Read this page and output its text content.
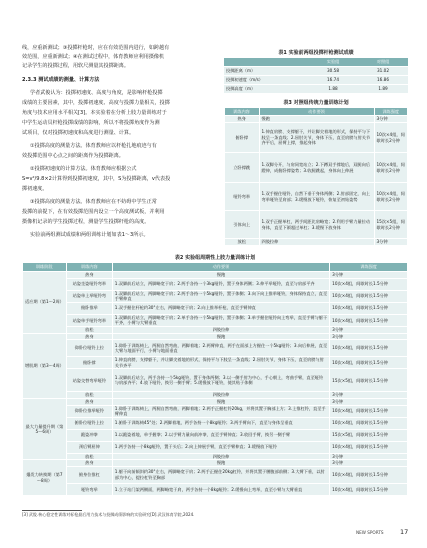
线，应重新测试；③投掷杆枪时，应在有效范围内进行，如跨越有

效范围，应重新测试；④在测试过程中，体育教师应利用摄像机

记录学生的投掷过程，用软尺测量其投掷距离。

2.3.3 测试成绩的测量、计算方法

学者武俊认为：投掷初速度、高度与角度，是影响杆枪投掷

成绩的主要因素，其中，投掷初速度、高度与投掷力量相关，投掷

角度与技术应用水平相关[3]。本实验着在分析上肢力量训练对于

中学生运动员杆枪投掷成绩的影响，所以不将投掷角度作为测

试项目，仅对投掷初速度和高度进行测量、计算。

①投掷高度的测量方法。体育教师应以杆枪扎地痕迹与有

效投掷范围中心点之间的距离作为投掷距离。

②投掷初速度的计算方法。体育教师应根据公式

S=v²/9.8×2计算得到投掷初速度，其中，S为投掷距离，v代表投

掷初速度。

③投掷高度的测量方法。体育教师应在不妨碍中学生正常

投掷的前提下，在有效投掷范围内设立一个高度测试板，并利用

摄像机记录的学生投掷过程，测量学生投掷杆枪的高度。

实验前两组测试成绩和两组训练计划如表1～3所示。

表1 实验前两组投掷杆枪测试成绩
	实验组	对照组
投掷距离（m）	30.58	31.02
投掷初速度（m/s）	16.74	16.86
投掷高度（m）	1.88	1.89
表3 对照组传统力量训练计划
训练内容	动作要领	训练强度
热身	慢跑	3分钟
俯卧撑	1.伸直肩膀、支撑躯干，并让脚尖着地的形式，保持平与下肢呈一条直线；2.屈肘关节，身体下压，直至肩膀与肘关节齐平后，屈臂上撑，推起身体	10次×4组，间歇时长2分钟
立卧撑跳	1.双脚分开，与肩同宽站立；2.下蹲双手撑地后，双腿向后蹬伸，成俯卧撑姿势；3.收腿跳起，身体向上伸展	10次×4组，间歇时长2分钟
哑铃弯举	1.双手握住哑铃，自然下垂于身体两侧；2.肘部固定，向上弯举哑铃至肩部；3.缓慢放下哑铃，恢复至初始姿势	10次×4组，间歇时长2分钟
引体向上	1.双手正握单杠，两手间距比肩略宽；2.利用手臂力量拉动身体，直至下颌超过单杠；3.缓慢下放身体	15次×5组，间歇时长2分钟
放松	四肢拉伸	3分钟
表2 实验组周期性上肢力量训练计划
训练阶段	训练内容	动作要领	训练强度
适应期（第1～2周）	热身	慢跑	3分钟
	站姿坐姿哑铃弯举	1.双脚前后站立，两脚略宽于肩；2.两手各持一个3kg哑铃，置于身体两侧；3.伸平举哑铃，直至与肩部平齐	10次×4组，间歇时长1.5分钟
	站姿单上举哑铃弯	1.双脚前后站立，两脚略宽于肩；2.两手各持一个5kg哑铃，置于体侧；3.向下向上推举哑铃，身体保持直立，直至手臂伸直	10次×4组，间歇时长1.5分钟
	俯卧推举	1.双手握住杆枪约30°左右，两脚略宽于肩；2.向上推举杆枪，直至手臂伸直	10次×4组，间歇时长1.5分钟
	站姿单手哑铃弯举	1.双脚前后站立，两脚略宽于肩；2.单手各持一个5kg哑铃，置于体侧；3.单手握住哑铃向上弯举，直至手臂与躯干平齐，小臂与大臂垂直	10次×4组，间歇时长1.5分钟
	放松	四肢拉伸	3分钟
增肌期（第3～4周）	热身	慢跑	3分钟
	仰卧位哑铃上拉	1.仰卧于训练椅上，两腿自然弯曲，两脚着地；2.两臂伸直，两手在面部上方握住一个5kg哑铃；3.向后伸展，直至大臂与地面平行，小臂与地面垂直	10次×4组，间歇时长1.5分钟
	俯卧撑	1.伸直肩膀，支撑躯干，并让脚尖着地的形式，保持平与下肢呈一条直线；2.屈肘关节，身体下压，直至肩膀与肘关节齐平	10次×4组，间歇时长1.5分钟
	站姿交替弯举哑铃	1.双脚前后站立，两手各持一个5kg哑铃，置于身体两侧；3.以一侧手肘为中心，手心朝上，弯曲手臂，直至哑铃与肩部齐平；4.放下哑铃，换另一侧手臂；5.缓慢放下哑铃，使其贴于体侧	15次×5组，间歇时长1.5分钟
	放松	四肢拉伸	3分钟
最大力量提升期（第5～6周）	热身	慢跑	3分钟
	仰卧位推举哑铃	1.仰卧于训练椅上，两腿自然弯曲，两脚着地；2.两手正握杠铃20kg，并将其置于胸部上方；3.上推杠铃，直至手臂伸直	10次×4组，间歇时长1.5分钟
	俯卧位哑铃上拉	1.俯卧于训练椅45°处；2.两脚着地，两手各持一个8kg哑铃；3.两手臂向下，直至与身体呈垂直	10次×4组，间歇时长1.5分钟
	跪姿冲拳	1.以跪姿着地，单手握拳；2.以手臂力量向前冲拳，直至手臂伸直；3.收回手臂，换另一侧手臂	15次×5组，间歇时长1.5分钟
	颈后臂屈伸	1.两手各持一个8kg哑铃，置于头后；2.向上伸展手臂，直至手臂伸直；3.缓慢放下哑铃	10次×4组，间歇时长1.5分钟
	放松	四肢拉伸	3分钟
爆发力转换期（第7～8周）	热身	慢跑	3分钟
	俯身位推杠	1.躯干向前倾斜约30°左右，两脚略宽于肩；2.两手正握住20kg杠铃，并将其置于腰腹部前侧；3.大臂下垂，以肘部为中心，提拉杠铃至胸部	10次×4组，间歇时长1.5分钟
	哑铃弯举	1.立于站门架两侧面，两脚略宽于肩，两手各持一个8kg哑铃；2.缓慢向上弯举，直至小臂与大臂垂直	10次×4组，间歇时长1.5分钟
[3] 武俊.核心稳定性训练对标枪最后用力技术与投掷成绩影响的实验研究[D].武汉体育学院,2024.
NEW SPORTS	17
